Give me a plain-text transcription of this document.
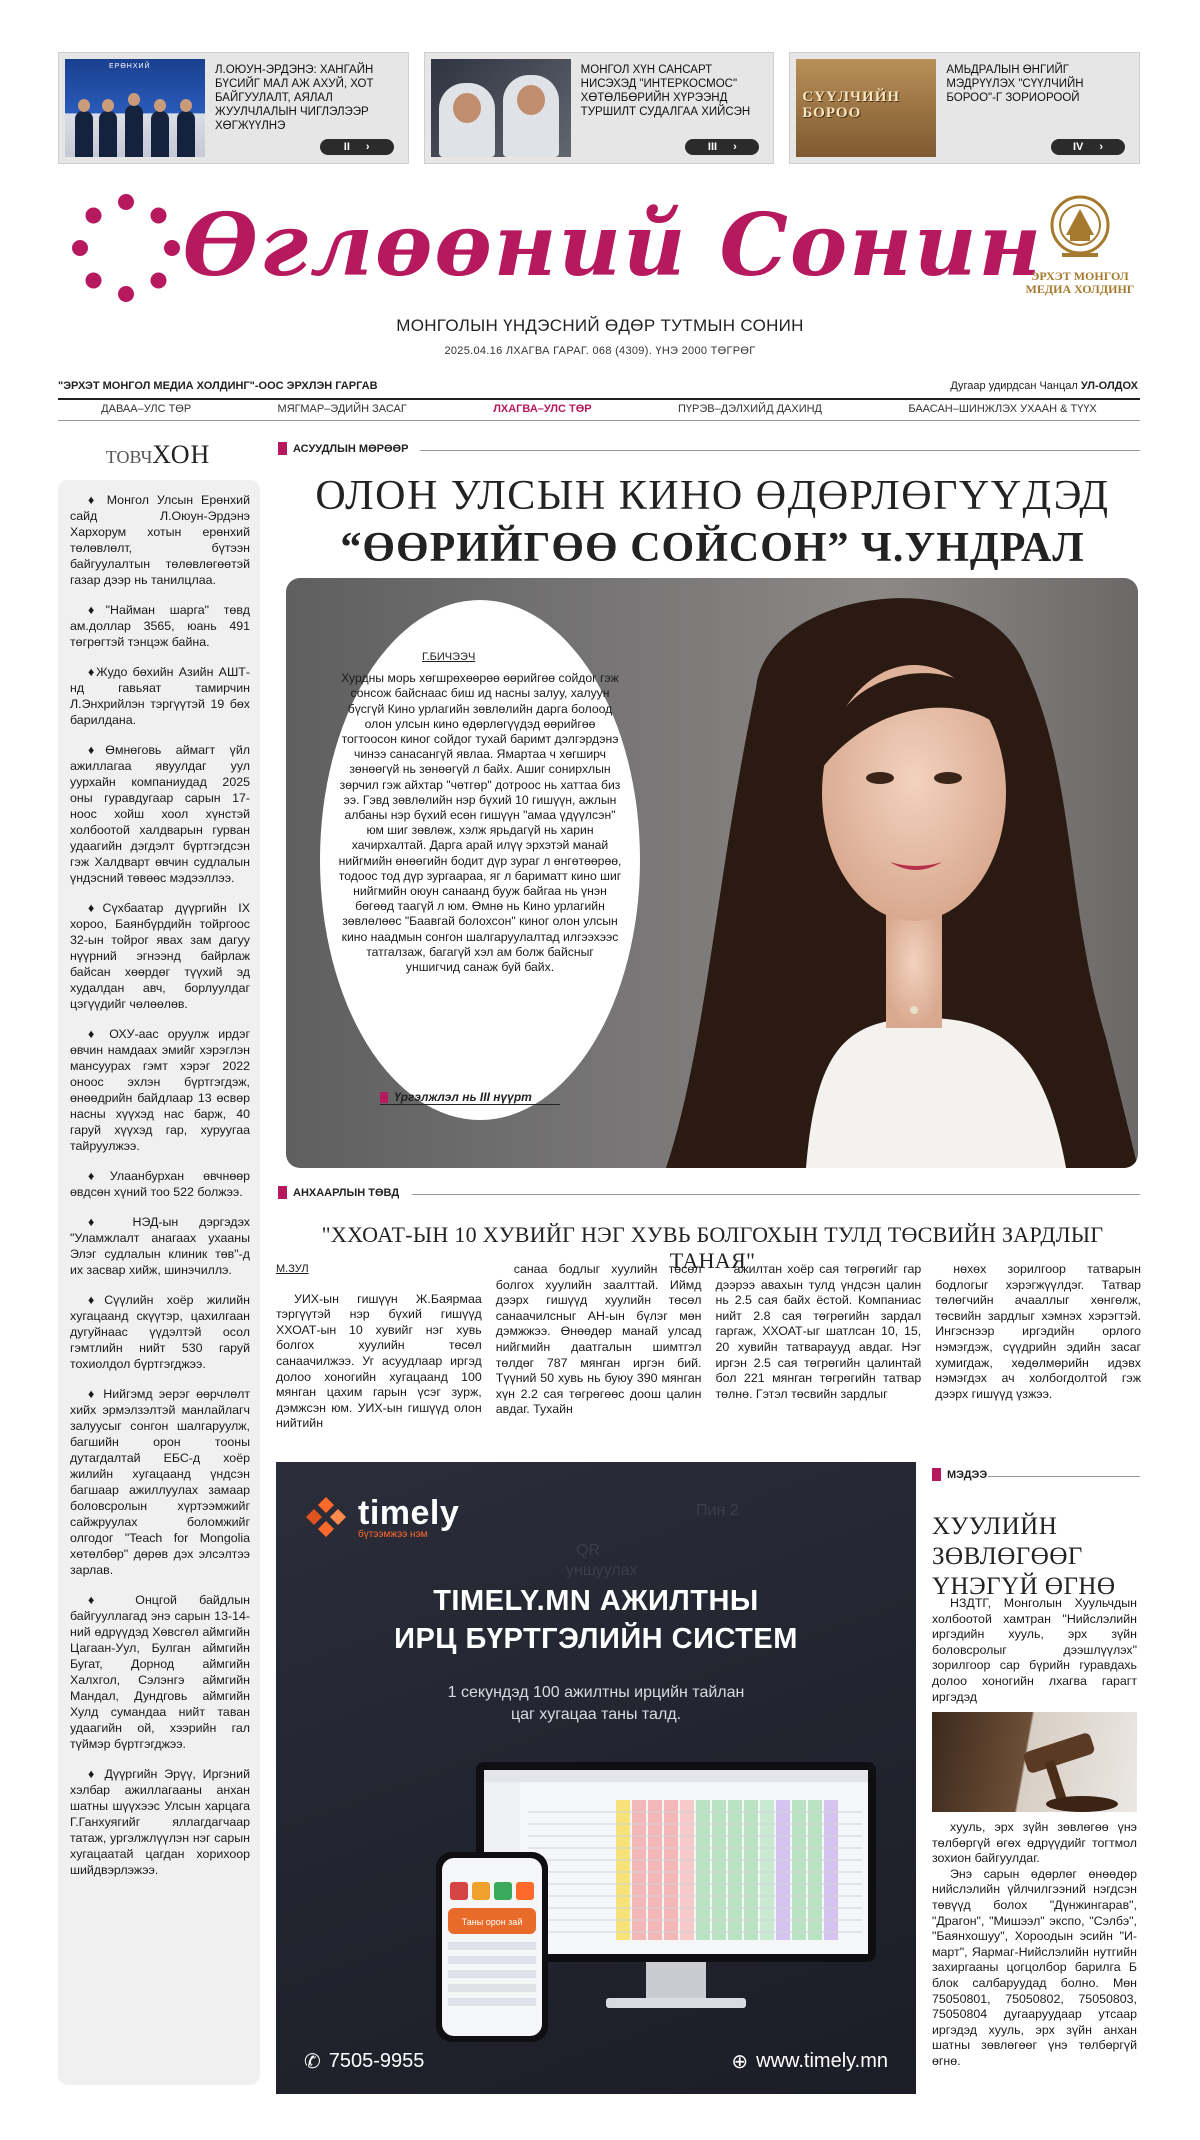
ЕРӨНХИЙ	Л.ОЮУН-ЭРДЭНЭ: ХАНГАЙН БҮСИЙГ МАЛ АЖ АХУЙ, ХОТ БАЙГУУЛАЛТ, АЯЛАЛ ЖУУЛЧЛАЛЫН ЧИГЛЭЛЭЭР ХӨГЖҮҮЛНЭ
II ›
МОНГОЛ ХҮН САНСАРТ НИСЭХЭД "ИНТЕРКОСМОС" ХӨТӨЛБӨРИЙН ХҮРЭЭНД ТУРШИЛТ СУДАЛГАА ХИЙСЭН
III ›
СҮҮЛЧИЙН БОРОО
АМЬДРАЛЫН ӨНГИЙГ МЭДРҮҮЛЭХ "СҮҮЛЧИЙН БОРОО"-Г ЗОРИОРООЙ
IV ›
Өглөөний Сонин
ЭРХЭТ МОНГОЛ МЕДИА ХОЛДИНГ
МОНГОЛЫН ҮНДЭСНИЙ ӨДӨР ТУТМЫН СОНИН
2025.04.16 ЛХАГВА ГАРАГ. 068 (4309). ҮНЭ 2000 ТӨГРӨГ
"ЭРХЭТ МОНГОЛ МЕДИА ХОЛДИНГ"-ООС ЭРХЛЭН ГАРГАВ	Дугаар удирдсан Чанцал УЛ-ОЛДОХ
ДАВАА–УЛС ТӨР	МЯГМАР–ЭДИЙН ЗАСАГ	ЛХАГВА–УЛС ТӨР	ПҮРЭВ–ДЭЛХИЙД ДАХИНД	БААСАН–ШИНЖЛЭХ УХААН & ТҮҮХ
ТОВЧХОН

♦ Монгол Улсын Ерөнхий сайд Л.Оюун-Эрдэнэ Хархорум хотын ерөнхий төлөвлөлт, бүтээн байгуулалтын төлөвлөгөөтэй газар дээр нь танилцлаа.

♦"Найман шарга" төвд ам.доллар 3565, юань 491 төгрөгтэй тэнцэж байна.

♦Жудо бөхийн Азийн АШТ-нд гавьяат тамирчин Л.Энхрийлэн тэргүүтэй 19 бөх барилдана.

♦Өмнөговь аймагт үйл ажиллагаа явуулдаг уул уурхайн компаниудад 2025 оны гуравдугаар сарын 17-ноос хойш хоол хүнстэй холбоотой халдварын гурван удаагийн дэгдэлт бүртгэгдсэн гэж Халдварт өвчин судлалын үндэсний төвөөс мэдээллээ.

♦Сүхбаатар дүүргийн IX хороо, Баянбүрдийн тойргоос 32-ын тойрог явах зам дагуу нүүрний эгнээнд байрлаж байсан хөөрдөг түүхий эд худалдан авч, борлуулдаг цэгүүдийг чөлөөлөв.

♦ ОХУ-аас оруулж ирдэг өвчин намдаах эмийг хэрэглэн мансуурах гэмт хэрэг 2022 оноос эхлэн бүртгэгдэж, өнөөдрийн байдлаар 13 өсвөр насны хүүхэд нас барж, 40 гаруй хүүхэд гар, хуруугаа тайруулжээ.

♦Улаанбурхан өвчнөөр өвдсөн хүний тоо 522 болжээ.

♦ НЭД-ын дэргэдэх "Уламжлалт анагаах ухааны Элэг судлалын клиник төв"-д их засвар хийж, шинэчиллэ.

♦Сүүлийн хоёр жилийн хугацаанд скүүтэр, цахилгаан дугуйнаас үүдэлтэй осол гэмтлийн нийт 530 гаруй тохиолдол бүртгэгджээ.

♦ Нийгэмд эерэг өөрчлөлт хийх эрмэлзэлтэй манлайлагч залуусыг сонгон шалгаруулж, багшийн орон тооны дутагдалтай ЕБС-д хоёр жилийн хугацаанд үндсэн багшаар ажиллуулах замаар боловсролын хүртээмжийг сайжруулах боломжийг олгодог "Teach for Mongolia хөтөлбөр" дөрөв дэх элсэлтээ зарлав.

♦ Онцгой байдлын байгууллагад энэ сарын 13-14-ний өдрүүдэд Хөвсгөл аймгийн Цагаан-Уул, Булган аймгийн Бугат, Дорнод аймгийн Халхгол, Сэлэнгэ аймгийн Мандал, Дундговь аймгийн Хулд сумандаа нийт таван удаагийн ой, хээрийн гал түймэр бүртгэгджээ.

♦ Дүүргийн Эрүү, Иргэний хэлбар ажиллагааны анхан шатны шүүхээс Улсын харцага Г.Ганхуягийг яллагдагчаар татаж, ургэлжлүүлэн нэг сарын хугацаатай цагдан хорихоор шийдвэрлэжээ.

АСУУДЛЫН МӨРӨӨР
ОЛОН УЛСЫН КИНО ӨДӨРЛӨГҮҮДЭД
“ӨӨРИЙГӨӨ СОЙСОН” Ч.УНДРАЛ
Г.БИЧЭЭЧ
Хурдны морь хөгшрөхөөрөө өөрийгөө сойдог гэж сонсож байснаас биш ид насны залуу, халуун бүсгүй Кино урлагийн зөвлөлийн дарга болоод олон улсын кино өдөрлөгүүдэд өөрийгөө тогтоосон киног сойдог тухай баримт дэлгэрдэнэ чинээ санасангүй явлаа. Ямартаа ч хөгширч зөнөөгүй нь зөнөөгүй л байх. Ашиг сонирхлын зөрчил гэж айхтар "чөтгөр" дотроос нь хаттаа биз ээ. Гэвд зөвлөлийн нэр бүхий 10 гишүүн, ажлын албаны нэр бүхий есөн гишүүн "амаа үдүүлсэн" юм шиг зөвлөж, хэлж ярьдагүй нь харин хачирхалтай. Дарга арай илүү эрхэтэй манай нийгмийн өнөөгийн бодит дүр зураг л өнгөтөөрөө, тодоос тод дүр зургаараа, яг л бариматт кино шиг нийгмийн оюун санаанд бууж байгаа нь үнэн бөгөөд таагүй л юм. Өмнө нь Кино урлагийн зөвлөлөөс "Баавгай болохсон" киног олон улсын кино наадмын сонгон шалгаруулалтад илгээхээс татгалзаж, багагүй хэл ам болж байсныг уншигчид санаж буй байх.
Үргэлжлэл нь III нүүрт
АНХААРЛЫН ТӨВД
"ХХОАТ-ЫН 10 ХУВИЙГ НЭГ ХУВЬ БОЛГОХЫН ТУЛД ТӨСВИЙН ЗАРДЛЫГ ТАНАЯ"
М.ЗУЛ

УИХ-ын гишүүн Ж.Баярмаа тэргүүтэй нэр бүхий гишүүд ХХОАТ-ын 10 хувийг нэг хувь болгох хуулийн төсөл санаачилжээ. Уг асуудлаар иргэд долоо хоногийн хугацаанд 100 мянган цахим гарын үсэг зурж, дэмжсэн юм. УИХ-ын гишүүд олон нийтийн

санаа бодлыг хуулийн төсөл болгох хуулийн заалттай. Иймд дээрх гишүүд хуулийн төсөл санаачилсныг АН-ын бүлэг мөн дэмжжээ. Өнөөдөр манай улсад нийгмийн даатгалын шимтгэл төлдөг 787 мянган иргэн бий. Түүний 50 хувь нь буюу 390 мянган хүн 2.2 сая төгрөгөөс доош цалин авдаг. Тухайн

ажилтан хоёр сая төгрөгийг гар дээрээ авахын тулд үндсэн цалин нь 2.5 сая байх ёстой. Компаниас нийт 2.8 сая төгрөгийн зардал гаргаж, ХХОАТ-ыг шатлсан 10, 15, 20 хувийн татвараууд авдаг. Нэг иргэн 2.5 сая төгрөгийн цалинтай бол 221 мянган төгрөгийн татвар төлнө. Гэтэл төсвийн зардлыг

нөхөх зорилгоор татварын бодлогыг хэрэгжүүлдэг. Татвар төлөгчийн ачааллыг хөнгөлж, төсвийн зардлыг хэмнэх хэрэгтэй. Ингэснээр иргэдийн орлого нэмэгдэж, сүүдрийн эдийн засаг хумигдаж, хөдөлмөрийн идэвх нэмэгдэх ач холбогдолтой гэж дээрх гишүүд үзжээ.

QR
Пин 2
уншуулах
timely
бүтээмжээ нэм
TIMELY.MN АЖИЛТНЫ
ИРЦ БҮРТГЭЛИЙН СИСТЕМ
1 секундэд 100 ажилтны ирцийн тайлан
цаг хугацаа таны талд.
Таны орон зай
✆ 7505-9955	⊕ www.timely.mn
МЭДЭЭ
ХУУЛИЙН
ЗӨВЛӨГӨӨГ
ҮНЭГҮЙ ӨГНӨ

НЗДТГ, Монголын Хуульчдын холбоотой хамтран "Нийслэлийн иргэдийн хууль, эрх зүйн боловсролыг дээшлүүлэх" зорилгоор сар бүрийн гуравдахь долоо хоногийн лхагва гарагт иргэдэд

хууль, эрх зүйн зөвлөгөө үнэ төлбөргүй өгөх өдрүүдийг тогтмол зохион байгуулдаг.

Энэ сарын өдөрлөг өнөөдөр нийслэлийн үйлчилгээний нэгдсэн төвүүд болох "Дүнжингарав", "Драгон", "Мишээл" экспо, "Сэлбэ", "Баянхошуу", Хороодын эсийн "И-март", Яармаг-Нийслэлийн нутгийн захиргааны цогцолбор барилга Б блок салбаруудад болно. Мөн 75050801, 75050802, 75050803, 75050804 дугааруудаар утсаар иргэдэд хууль, эрх зүйн анхан шатны зөвлөгөөг үнэ төлбөргүй өгнө.
